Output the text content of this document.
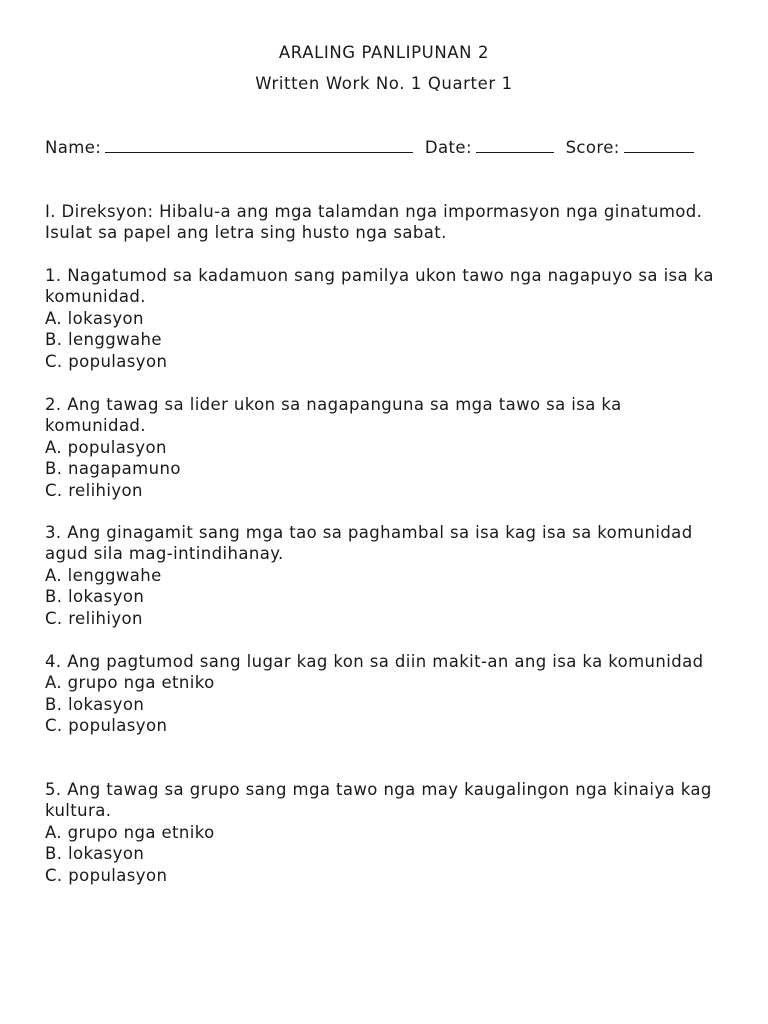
ARALING PANLIPUNAN 2
Written Work No. 1 Quarter 1
Name:	Date:	Score:
I. Direksyon: Hibalu-a ang mga talamdan nga impormasyon nga ginatumod. Isulat sa papel ang letra sing husto nga sabat.
1. Nagatumod sa kadamuon sang pamilya ukon tawo nga nagapuyo sa isa ka komunidad.
A. lokasyon
B. lenggwahe
C. populasyon
2. Ang tawag sa lider ukon sa nagapanguna sa mga tawo sa isa ka komunidad.
A. populasyon
B. nagapamuno
C. relihiyon
3. Ang ginagamit sang mga tao sa paghambal sa isa kag isa sa komunidad agud sila mag-intindihanay.
A. lenggwahe
B. lokasyon
C. relihiyon
4. Ang pagtumod sang lugar kag kon sa diin makit-an ang isa ka komunidad
A. grupo nga etniko
B. lokasyon
C. populasyon
5. Ang tawag sa grupo sang mga tawo nga may kaugalingon nga kinaiya kag kultura.
A. grupo nga etniko
B. lokasyon
C. populasyon
